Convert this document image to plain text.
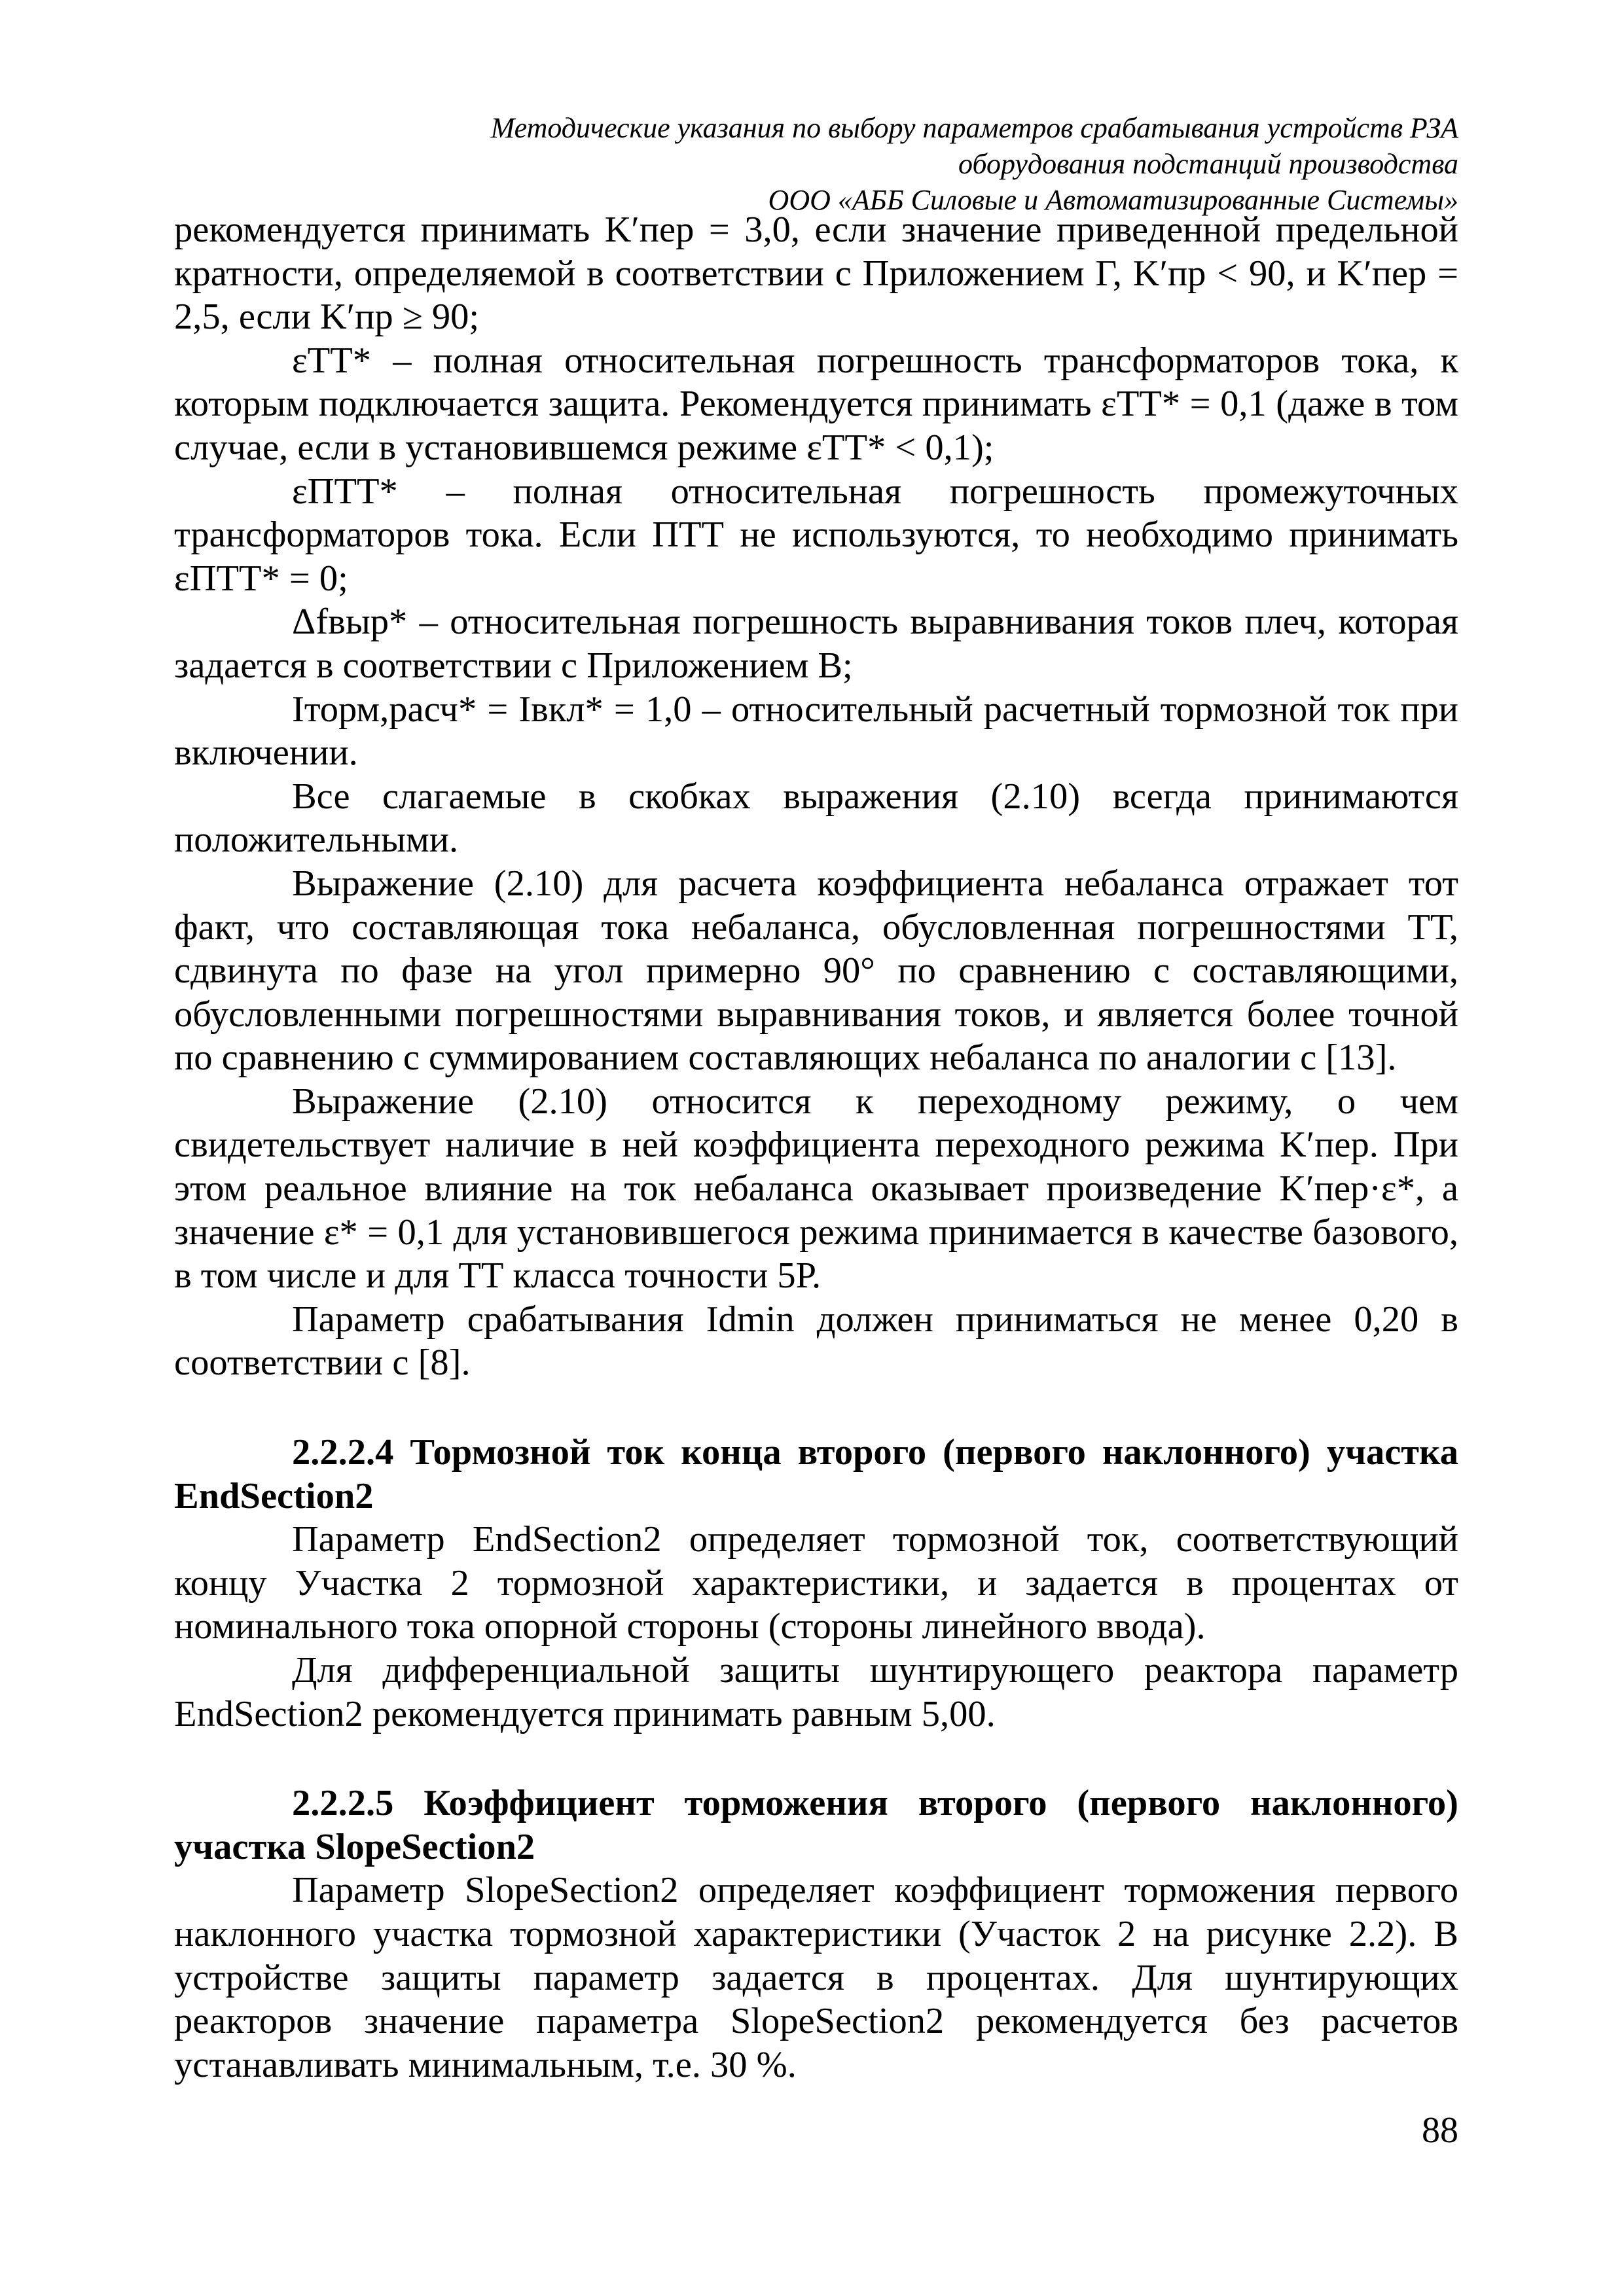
Методические указания по выбору параметров срабатывания устройств РЗА
оборудования подстанций производства
ООО «АББ Силовые и Автоматизированные Системы»

рекомендуется принимать K′пер = 3,0, если значение приведенной предельной кратности, определяемой в соответствии с Приложением Г, K′пр < 90, и K′пер = 2,5, если K′пр ≥ 90;

εТТ* – полная относительная погрешность трансформаторов тока, к которым подключается защита. Рекомендуется принимать εТТ* = 0,1 (даже в том случае, если в установившемся режиме εТТ* < 0,1);

εПТТ* – полная относительная погрешность промежуточных трансформаторов тока. Если ПТТ не используются, то необходимо принимать εПТТ* = 0;

Δfвыр* – относительная погрешность выравнивания токов плеч, которая задается в соответствии с Приложением В;

Iторм,расч* = Iвкл* = 1,0 – относительный расчетный тормозной ток при включении.

Все слагаемые в скобках выражения (2.10) всегда принимаются положительными.

Выражение (2.10) для расчета коэффициента небаланса отражает тот факт, что составляющая тока небаланса, обусловленная погрешностями ТТ, сдвинута по фазе на угол примерно 90° по сравнению с составляющими, обусловленными погрешностями выравнивания токов, и является более точной по сравнению с суммированием составляющих небаланса по аналогии с [13].

Выражение (2.10) относится к переходному режиму, о чем свидетельствует наличие в ней коэффициента переходного режима K′пер. При этом реальное влияние на ток небаланса оказывает произведение K′пер·ε*, а значение ε* = 0,1 для установившегося режима принимается в качестве базового, в том числе и для ТТ класса точности 5Р.

Параметр срабатывания Idmin должен приниматься не менее 0,20 в соответствии с [8].

2.2.2.4 Тормозной ток конца второго (первого наклонного) участка EndSection2

Параметр EndSection2 определяет тормозной ток, соответствующий концу Участка 2 тормозной характеристики, и задается в процентах от номинального тока опорной стороны (стороны линейного ввода).

Для дифференциальной защиты шунтирующего реактора параметр EndSection2 рекомендуется принимать равным 5,00.

2.2.2.5 Коэффициент торможения второго (первого наклонного) участка SlopeSection2

Параметр SlopeSection2 определяет коэффициент торможения первого наклонного участка тормозной характеристики (Участок 2 на рисунке 2.2). В устройстве защиты параметр задается в процентах. Для шунтирующих реакторов значение параметра SlopeSection2 рекомендуется без расчетов устанавливать минимальным, т.е. 30 %.

88
